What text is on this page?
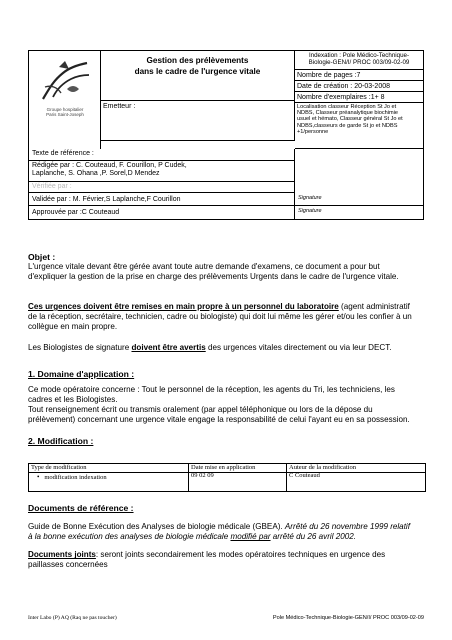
Groupe hospitalier
Paris Saint-Joseph
Gestion des prélèvements
dans le cadre de l'urgence vitale
Indexation : Pole Médico-Technique-
Biologie-GEN/I/ PROC 003/09-02-09
Nombre de pages :7
Date de création : 20-03-2008
Nombre d'exemplaires :1+ 8
Localisation classeur Réception St Jo et
NDBS, Classeur préanalytique biochimie
usuel et hémato, Classeur général St Jo et
NDBS,classeurs de garde St jo et NDBS
+1/personne
Emetteur :
Texte de référence :
Rédigée par : C. Couteaud, F. Courillon, P Cudek,
Laplanche, S. Ohana ,P. Sorel,D Mendez
Vérifiée par :
Validée par : M. Février,S Laplanche,F Courillon
Approuvée par :C Couteaud
Signature
Signature
Objet :
L'urgence vitale devant être gérée avant toute autre demande d'examens, ce document a pour but
d'expliquer la gestion de la prise en charge des prélèvements Urgents dans le cadre de l'urgence vitale.
Ces urgences doivent être remises en main propre à un personnel du laboratoire (agent administratif
de la réception, secrétaire, technicien, cadre ou biologiste) qui doit lui même les gérer et/ou les confier à un
collègue en main propre.
Les Biologistes de signature doivent être avertis des urgences vitales directement ou via leur DECT.
1. Domaine d'application :
Ce mode opératoire concerne : Tout le personnel de la réception, les agents du Tri, les techniciens, les
cadres et les Biologistes.
Tout renseignement écrit ou transmis oralement (par appel téléphonique ou lors de la dépose du
prélèvement) concernant une urgence vitale engage la responsabilité de celui l'ayant eu en sa possession.
2. Modification :
Type de modification
• modification indexation
Date mise en application
09 02 09
Auteur de la modification
C Couteaud
Documents de référence :
Guide de Bonne Exécution des Analyses de biologie médicale (GBEA). Arrêté du 26 novembre 1999 relatif
à la bonne exécution des analyses de biologie médicale modifié par arrêté du 26 avril 2002.
Documents joints: seront joints secondairement les modes opératoires techniques en urgence des
paillasses concernées
Inter Labo (P) AQ (Raq ne pas toucher)	Pole Médico-Technique-Biologie-GEN/I/ PROC 003/09-02-09
